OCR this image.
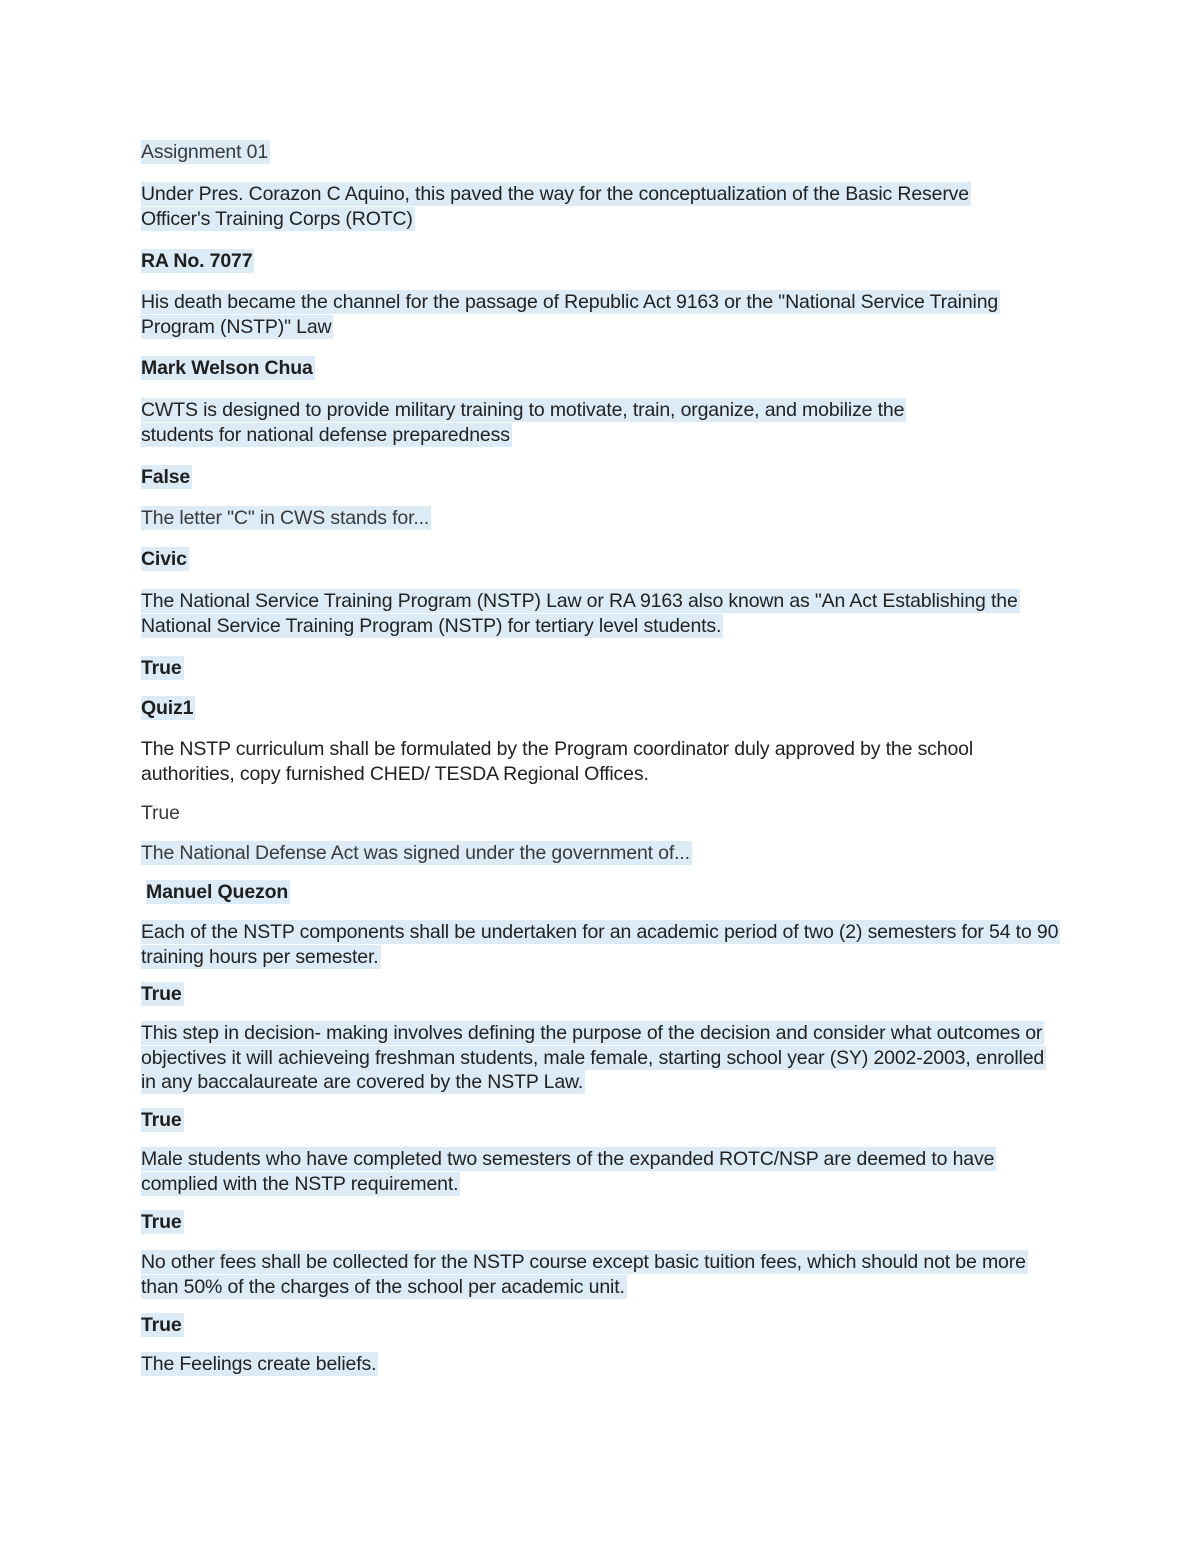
Assignment 01

Under Pres. Corazon C Aquino, this paved the way for the conceptualization of the Basic Reserve Officer's Training Corps (ROTC)

RA No. 7077

His death became the channel for the passage of Republic Act 9163 or the "National Service Training Program (NSTP)" Law

Mark Welson Chua

CWTS is designed to provide military training to motivate, train, organize, and mobilize the students for national defense preparedness

False

The letter "C" in CWS stands for...

Civic

The National Service Training Program (NSTP) Law or RA 9163 also known as "An Act Establishing the National Service Training Program (NSTP) for tertiary level students.

True

Quiz1

The NSTP curriculum shall be formulated by the Program coordinator duly approved by the school authorities, copy furnished CHED/ TESDA Regional Offices.

True

The National Defense Act was signed under the government of...

Manuel Quezon

Each of the NSTP components shall be undertaken for an academic period of two (2) semesters for 54 to 90 training hours per semester.

True

This step in decision- making involves defining the purpose of the decision and consider what outcomes or objectives it will achieveing freshman students, male female, starting school year (SY) 2002-2003, enrolled in any baccalaureate are covered by the NSTP Law.

True

Male students who have completed two semesters of the expanded ROTC/NSP are deemed to have complied with the NSTP requirement.

True

No other fees shall be collected for the NSTP course except basic tuition fees, which should not be more than 50% of the charges of the school per academic unit.

True

The Feelings create beliefs.
